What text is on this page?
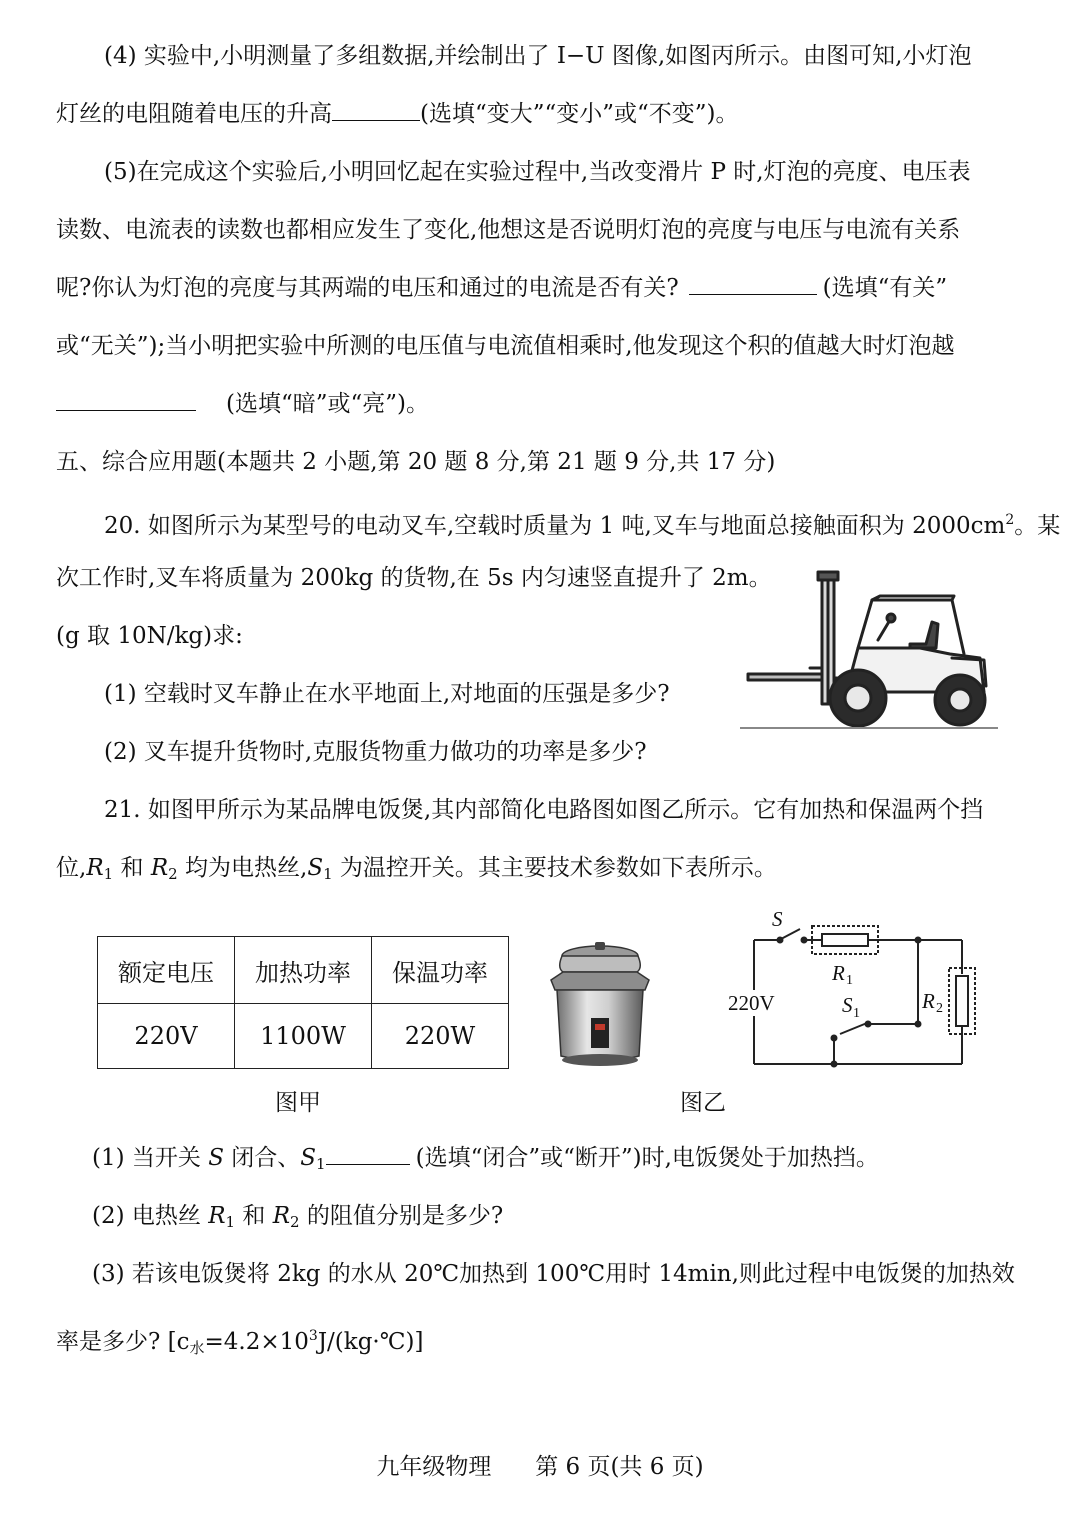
(4) 实验中,小明测量了多组数据,并绘制出了 I−U 图像,如图丙所示。由图可知,小灯泡
灯丝的电阻随着电压的升高	(选填“变大”“变小”或“不变”)。
(5)在完成这个实验后,小明回忆起在实验过程中,当改变滑片 P 时,灯泡的亮度、电压表
读数、电流表的读数也都相应发生了变化,他想这是否说明灯泡的亮度与电压与电流有关系
呢?你认为灯泡的亮度与其两端的电压和通过的电流是否有关?	(选填“有关”
或“无关”);当小明把实验中所测的电压值与电流值相乘时,他发现这个积的值越大时灯泡越
(选填“暗”或“亮”)。
五、综合应用题(本题共 2 小题,第 20 题 8 分,第 21 题 9 分,共 17 分)
20. 如图所示为某型号的电动叉车,空载时质量为 1 吨,叉车与地面总接触面积为 $2000cm^2$。某
次工作时,叉车将质量为 200kg 的货物,在 5s 内匀速竖直提升了 2m。
(g 取 10N/kg)求:
(1) 空载时叉车静止在水平地面上,对地面的压强是多少?
(2) 叉车提升货物时,克服货物重力做功的功率是多少?
21. 如图甲所示为某品牌电饭煲,其内部简化电路图如图乙所示。它有加热和保温两个挡
位$,R_1$ 和 $R_2$ 均为电热丝$,S_1$ 为温控开关。其主要技术参数如下表所示。
额定电压	加热功率	保温功率
220V	1100W	220W
S
R 1
220V	S 1
R 2
图甲	图乙
(1) 当开关 S 闭合、$S_1$	(选填“闭合”或“断开”)时,电饭煲处于加热挡。
(2) 电热丝 $R_1$ 和 $R_2$ 的阻值分别是多少?
(3) 若该电饭煲将 2kg 的水从 20℃加热到 100℃用时 14min,则此过程中电饭煲的加热效
率是多少? $[c_水=4.2\times 10^3J/(kg\cdot℃)]$
九年级物理      第 6 页(共 6 页)
